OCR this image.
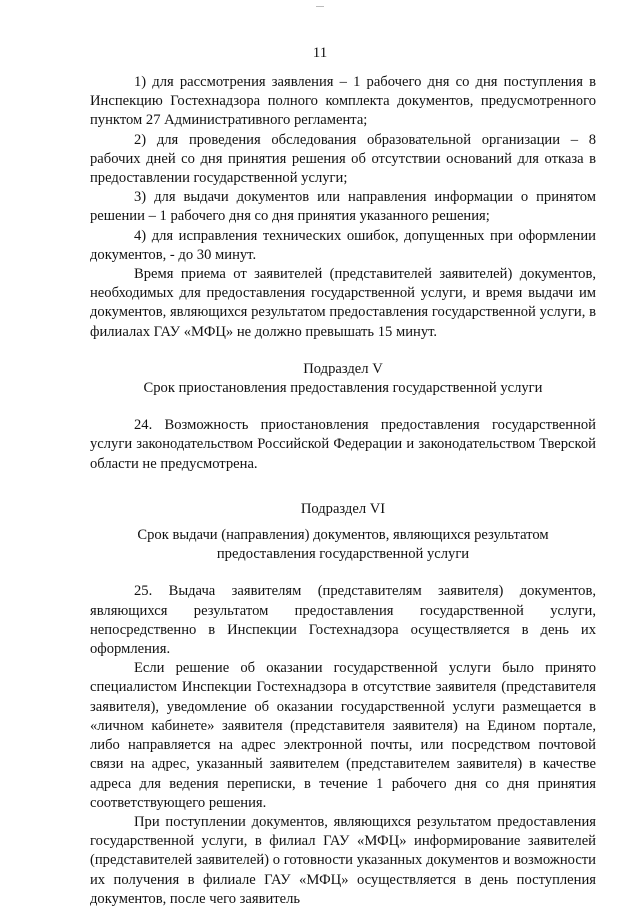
11

1) для рассмотрения заявления – 1 рабочего дня со дня поступления в Инспекцию Гостехнадзора полного комплекта документов, предусмотренного пунктом 27 Административного регламента;

2) для проведения обследования образовательной организации – 8 рабочих дней со дня принятия решения об отсутствии оснований для отказа в предоставлении государственной услуги;

3) для выдачи документов или направления информации о принятом решении – 1 рабочего дня со дня принятия указанного решения;

4) для исправления технических ошибок, допущенных при оформлении документов, - до 30 минут.

Время приема от заявителей (представителей заявителей) документов, необходимых для предоставления государственной услуги, и время выдачи им документов, являющихся результатом предоставления государственной услуги, в филиалах ГАУ «МФЦ» не должно превышать 15 минут.

Подраздел V

Срок приостановления предоставления государственной услуги

24. Возможность приостановления предоставления государственной услуги законодательством Российской Федерации и законодательством Тверской области не предусмотрена.

Подраздел VI

Срок выдачи (направления) документов, являющихся результатом

предоставления государственной услуги

25. Выдача заявителям (представителям заявителя) документов, являющихся результатом предоставления государственной услуги, непосредственно в Инспекции Гостехнадзора осуществляется в день их оформления.

Если решение об оказании государственной услуги было принято специалистом Инспекции Гостехнадзора в отсутствие заявителя (представителя заявителя), уведомление об оказании государственной услуги размещается в «личном кабинете» заявителя (представителя заявителя) на Едином портале, либо направляется на адрес электронной почты, или посредством почтовой связи на адрес, указанный заявителем (представителем заявителя) в качестве адреса для ведения переписки, в течение 1 рабочего дня со дня принятия соответствующего решения.

При поступлении документов, являющихся результатом предоставления государственной услуги, в филиал ГАУ «МФЦ» информирование заявителей (представителей заявителей) о готовности указанных документов и возможности их получения в филиале ГАУ «МФЦ» осуществляется в день поступления документов, после чего заявитель
